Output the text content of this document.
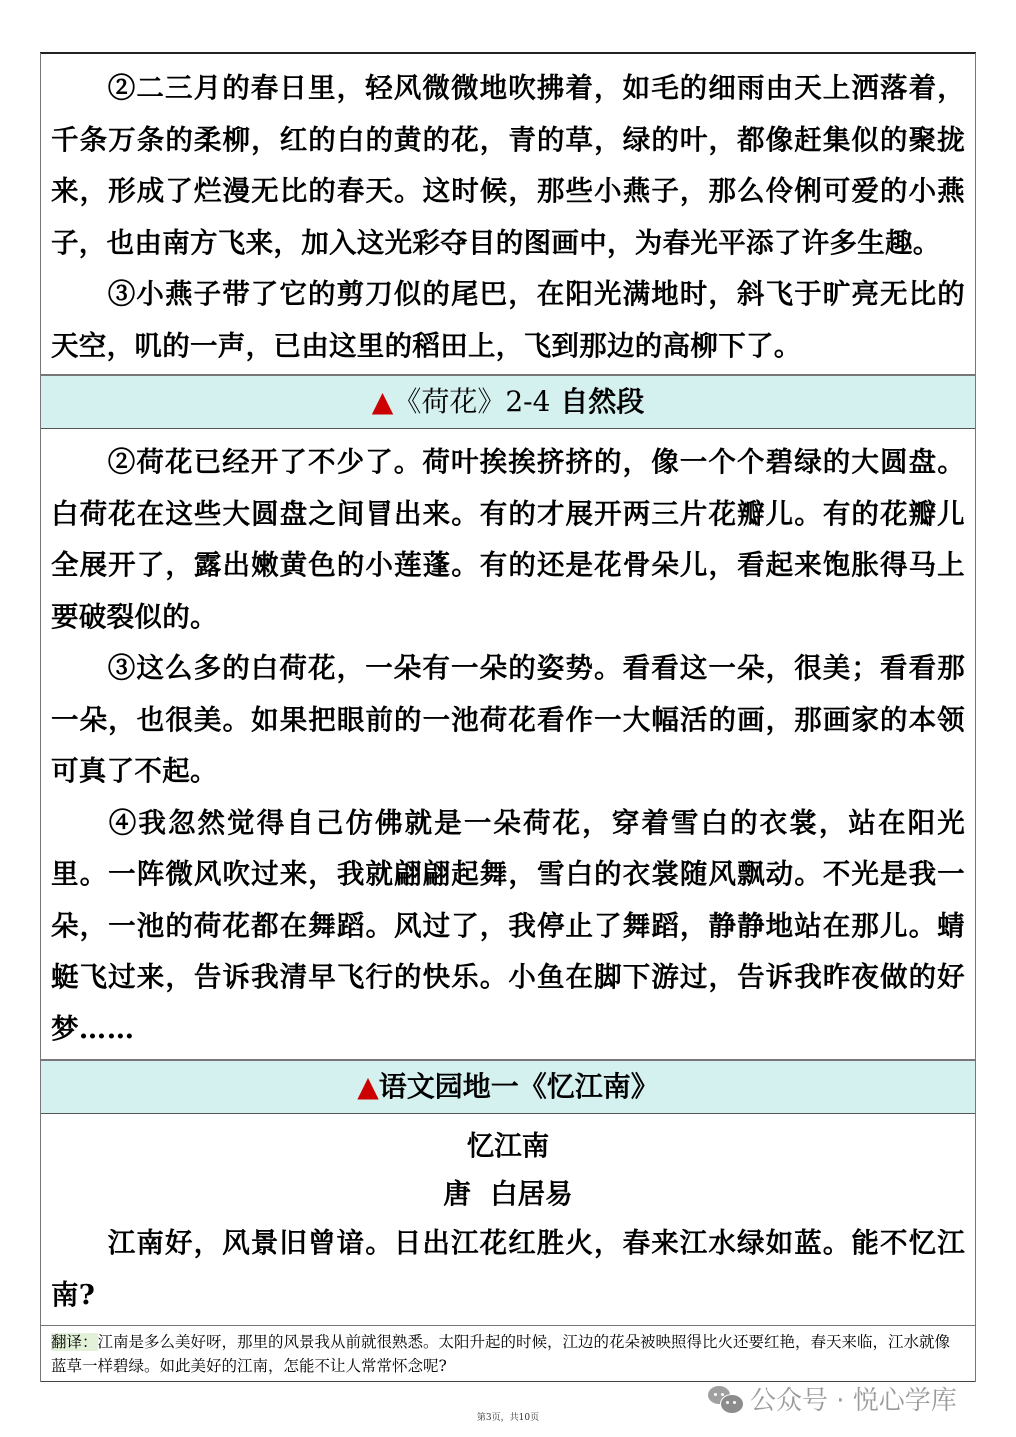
②二三月的春日里，轻风微微地吹拂着，如毛的细雨由天上洒落着，千条万条的柔柳，红的白的黄的花，青的草，绿的叶，都像赶集似的聚拢来，形成了烂漫无比的春天。这时候，那些小燕子，那么伶俐可爱的小燕子，也由南方飞来，加入这光彩夺目的图画中，为春光平添了许多生趣。
③小燕子带了它的剪刀似的尾巴，在阳光满地时，斜飞于旷亮无比的天空，叽的一声，已由这里的稻田上，飞到那边的高柳下了。
▲《荷花》2-4 自然段
②荷花已经开了不少了。荷叶挨挨挤挤的，像一个个碧绿的大圆盘。白荷花在这些大圆盘之间冒出来。有的才展开两三片花瓣儿。有的花瓣儿全展开了，露出嫩黄色的小莲蓬。有的还是花骨朵儿，看起来饱胀得马上要破裂似的。
③这么多的白荷花，一朵有一朵的姿势。看看这一朵，很美；看看那一朵，也很美。如果把眼前的一池荷花看作一大幅活的画，那画家的本领可真了不起。
④我忽然觉得自己仿佛就是一朵荷花，穿着雪白的衣裳，站在阳光里。一阵微风吹过来，我就翩翩起舞，雪白的衣裳随风飘动。不光是我一朵，一池的荷花都在舞蹈。风过了，我停止了舞蹈，静静地站在那儿。蜻蜓飞过来，告诉我清早飞行的快乐。小鱼在脚下游过，告诉我昨夜做的好梦……
▲语文园地一《忆江南》
忆江南
唐  白居易
江南好，风景旧曾谙。日出江花红胜火，春来江水绿如蓝。能不忆江南?
翻译：江南是多么美好呀，那里的风景我从前就很熟悉。太阳升起的时候，江边的花朵被映照得比火还要红艳，春天来临，江水就像蓝草一样碧绿。如此美好的江南，怎能不让人常常怀念呢?
公众号 · 悦心学库
第3页，共10页
